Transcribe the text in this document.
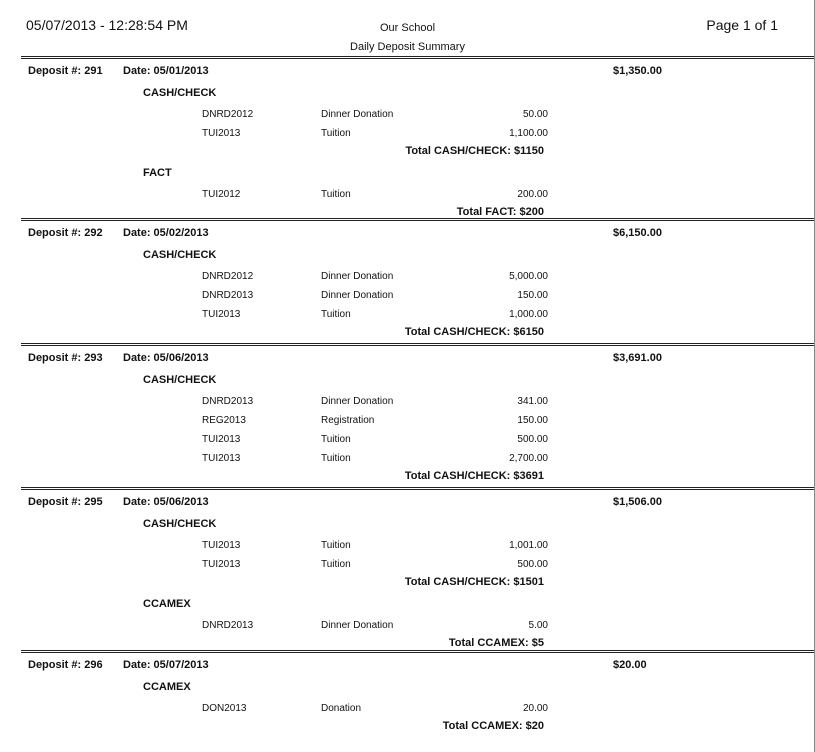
05/07/2013 - 12:28:54 PM	Our School
Daily Deposit Summary
Page 1 of 1
Deposit #: 291 Date: 05/01/2013	$1,350.00
CASH/CHECK
DNRD2012	Dinner Donation	50.00
TUI2013	Tuition	1,100.00
Total CASH/CHECK: $1150
FACT
TUI2012	Tuition	200.00
Total FACT: $200
Deposit #: 292 Date: 05/02/2013	$6,150.00
CASH/CHECK
DNRD2012	Dinner Donation	5,000.00
DNRD2013	Dinner Donation	150.00
TUI2013	Tuition	1,000.00
Total CASH/CHECK: $6150
Deposit #: 293 Date: 05/06/2013	$3,691.00
CASH/CHECK
DNRD2013	Dinner Donation	341.00
REG2013	Registration	150.00
TUI2013	Tuition	500.00
TUI2013	Tuition	2,700.00
Total CASH/CHECK: $3691
Deposit #: 295 Date: 05/06/2013	$1,506.00
CASH/CHECK
TUI2013	Tuition	1,001.00
TUI2013	Tuition	500.00
Total CASH/CHECK: $1501
CCAMEX
DNRD2013	Dinner Donation	5.00
Total CCAMEX: $5
Deposit #: 296 Date: 05/07/2013	$20.00
CCAMEX
DON2013	Donation	20.00
Total CCAMEX: $20
